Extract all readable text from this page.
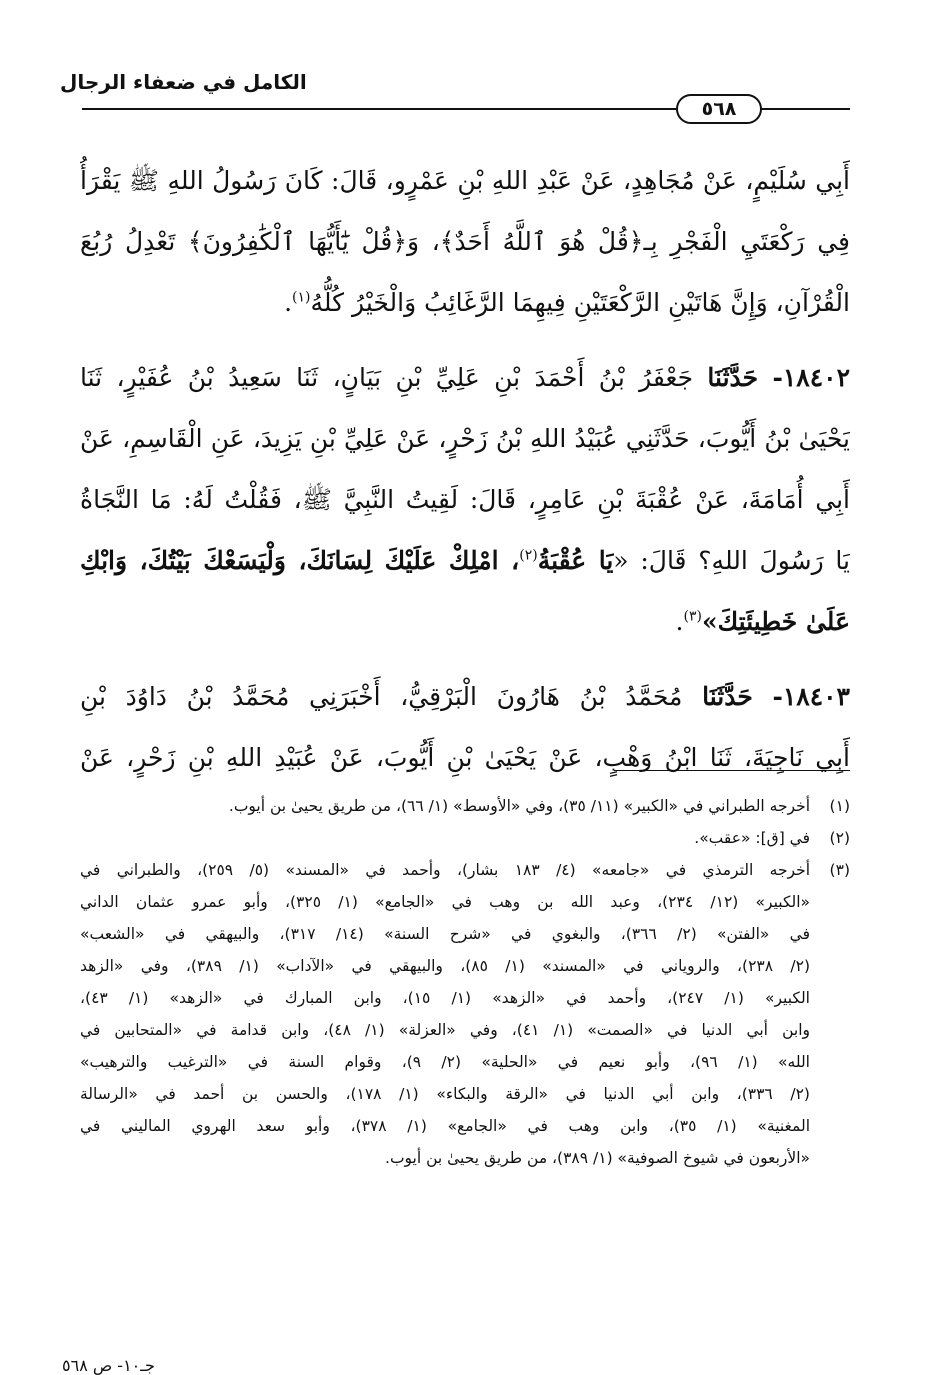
الكامل في ضعفاء الرجال
٥٦٨
أَبِي سُلَيْمٍ، عَنْ مُجَاهِدٍ، عَنْ عَبْدِ اللهِ بْنِ عَمْرٍو، قَالَ: كَانَ رَسُولُ اللهِ ﷺ يَقْرَأُ
فِي رَكْعَتَيِ الْفَجْرِ بِـ﴿قُلْ هُوَ ٱللَّهُ أَحَدٌ﴾، وَ﴿قُلْ يَٰٓأَيُّهَا ٱلْكَٰفِرُونَ﴾ تَعْدِلُ رُبُعَ
الْقُرْآنِ، وَإِنَّ هَاتَيْنِ الرَّكْعَتَيْنِ فِيهِمَا الرَّغَائِبُ وَالْخَيْرُ كُلُّهُ$^{(١)}$.
١٨٤٠٢- حَدَّثَنَا جَعْفَرُ بْنُ أَحْمَدَ بْنِ عَلِيِّ بْنِ بَيَانٍ، ثَنَا سَعِيدُ بْنُ عُفَيْرٍ، ثَنَا
يَحْيَىٰ بْنُ أَيُّوبَ، حَدَّثَنِي عُبَيْدُ اللهِ بْنُ زَحْرٍ، عَنْ عَلِيِّ بْنِ يَزِيدَ، عَنِ الْقَاسِمِ، عَنْ
أَبِي أُمَامَةَ، عَنْ عُقْبَةَ بْنِ عَامِرٍ، قَالَ: لَقِيتُ النَّبِيَّ ﷺ، فَقُلْتُ لَهُ: مَا النَّجَاةُ
يَا رَسُولَ اللهِ؟ قَالَ: «يَا عُقْبَةُ$^{(٢)}$، امْلِكْ عَلَيْكَ لِسَانَكَ، وَلْيَسَعْكَ بَيْتُكَ، وَابْكِ
عَلَىٰ خَطِيئَتِكَ»$^{(٣)}$.
١٨٤٠٣- حَدَّثَنَا مُحَمَّدُ بْنُ هَارُونَ الْبَرْقِيُّ، أَخْبَرَنِي مُحَمَّدُ بْنُ دَاوُدَ بْنِ
أَبِي نَاجِيَةَ، ثَنَا ابْنُ وَهْبٍ، عَنْ يَحْيَىٰ بْنِ أَيُّوبَ، عَنْ عُبَيْدِ اللهِ بْنِ زَحْرٍ، عَنْ
(١)
أخرجه الطبراني في «الكبير» (١١/ ٣٥)، وفي «الأوسط» (١/ ٦٦)، من طريق يحيىٰ بن أيوب.
(٢)
في [ق]: «عقب».
(٣)
أخرجه الترمذي في «جامعه» (٤/ ١٨٣ بشار)، وأحمد في «المسند» (٥/ ٢٥٩)، والطبراني في
«الكبير» (١٢/ ٢٣٤)، وعبد الله بن وهب في «الجامع» (١/ ٣٢٥)، وأبو عمرو عثمان الداني
في «الفتن» (٢/ ٣٦٦)، والبغوي في «شرح السنة» (١٤/ ٣١٧)، والبيهقي في «الشعب»
(٢/ ٢٣٨)، والروياني في «المسند» (١/ ٨٥)، والبيهقي في «الآداب» (١/ ٣٨٩)، وفي «الزهد
الكبير» (١/ ٢٤٧)، وأحمد في «الزهد» (١/ ١٥)، وابن المبارك في «الزهد» (١/ ٤٣)،
وابن أبي الدنيا في «الصمت» (١/ ٤١)، وفي «العزلة» (١/ ٤٨)، وابن قدامة في «المتحابين في
الله» (١/ ٩٦)، وأبو نعيم في «الحلية» (٢/ ٩)، وقوام السنة في «الترغيب والترهيب»
(٢/ ٣٣٦)، وابن أبي الدنيا في «الرقة والبكاء» (١/ ١٧٨)، والحسن بن أحمد في «الرسالة
المغنية» (١/ ٣٥)، وابن وهب في «الجامع» (١/ ٣٧٨)، وأبو سعد الهروي الماليني في
«الأربعون في شيوخ الصوفية» (١/ ٣٨٩)، من طريق يحيىٰ بن أيوب.
جـ١٠- ص ٥٦٨
